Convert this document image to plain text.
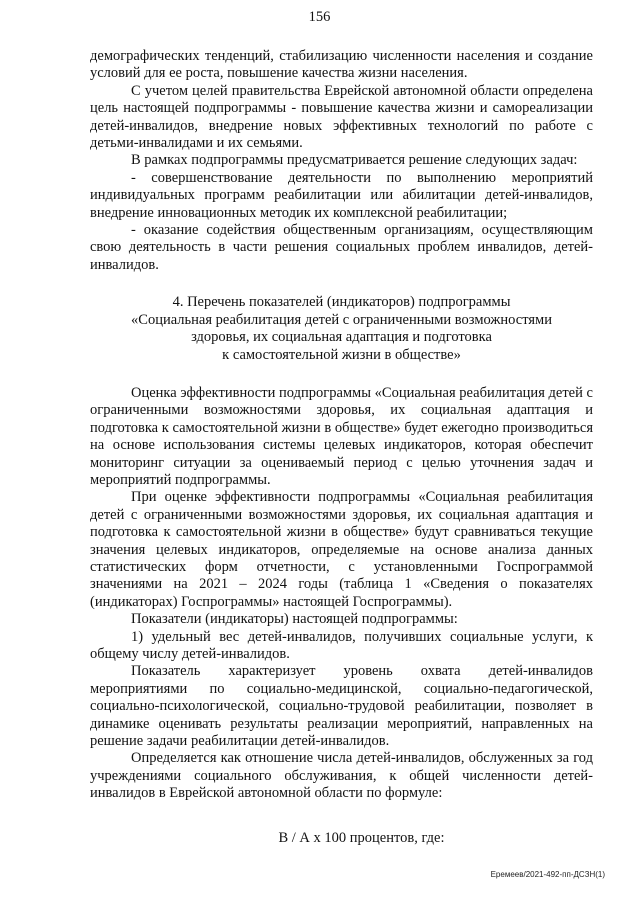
156

демографических тенденций, стабилизацию численности населения и создание условий для ее роста, повышение качества жизни населения.

С учетом целей правительства Еврейской автономной области определена цель настоящей подпрограммы - повышение качества жизни и самореализации детей-инвалидов, внедрение новых эффективных технологий по работе с детьми-инвалидами и их семьями.

В рамках подпрограммы предусматривается решение следующих задач:

- совершенствование деятельности по выполнению мероприятий индивидуальных программ реабилитации или абилитации детей-инвалидов, внедрение инновационных методик их комплексной реабилитации;

- оказание содействия общественным организациям, осуществляющим свою деятельность в части решения социальных проблем инвалидов, детей-инвалидов.

4. Перечень показателей (индикаторов) подпрограммы
«Социальная реабилитация детей с ограниченными возможностями
здоровья, их социальная адаптация и подготовка
к самостоятельной жизни в обществе»

Оценка эффективности подпрограммы «Социальная реабилитация детей с ограниченными возможностями здоровья, их социальная адаптация и подготовка к самостоятельной жизни в обществе» будет ежегодно производиться на основе использования системы целевых индикаторов, которая обеспечит мониторинг ситуации за оцениваемый период с целью уточнения задач и мероприятий подпрограммы.

При оценке эффективности подпрограммы «Социальная реабилитация детей с ограниченными возможностями здоровья, их социальная адаптация и подготовка к самостоятельной жизни в обществе» будут сравниваться текущие значения целевых индикаторов, определяемые на основе анализа данных статистических форм отчетности, с установленными Госпрограммой значениями на 2021 – 2024 годы (таблица 1 «Сведения о показателях (индикаторах) Госпрограммы» настоящей Госпрограммы).

Показатели (индикаторы) настоящей подпрограммы:

1) удельный вес детей-инвалидов, получивших социальные услуги, к общему числу детей-инвалидов.

Показатель характеризует уровень охвата детей-инвалидов мероприятиями по социально-медицинской, социально-педагогической, социально-психологической, социально-трудовой реабилитации, позволяет в динамике оценивать результаты реализации мероприятий, направленных на решение задачи реабилитации детей-инвалидов.

Определяется как отношение числа детей-инвалидов, обслуженных за год учреждениями социального обслуживания, к общей численности детей-инвалидов в Еврейской автономной области по формуле:

В / А х 100 процентов, где:

Еремеев/2021-492-пп-ДСЗН(1)
